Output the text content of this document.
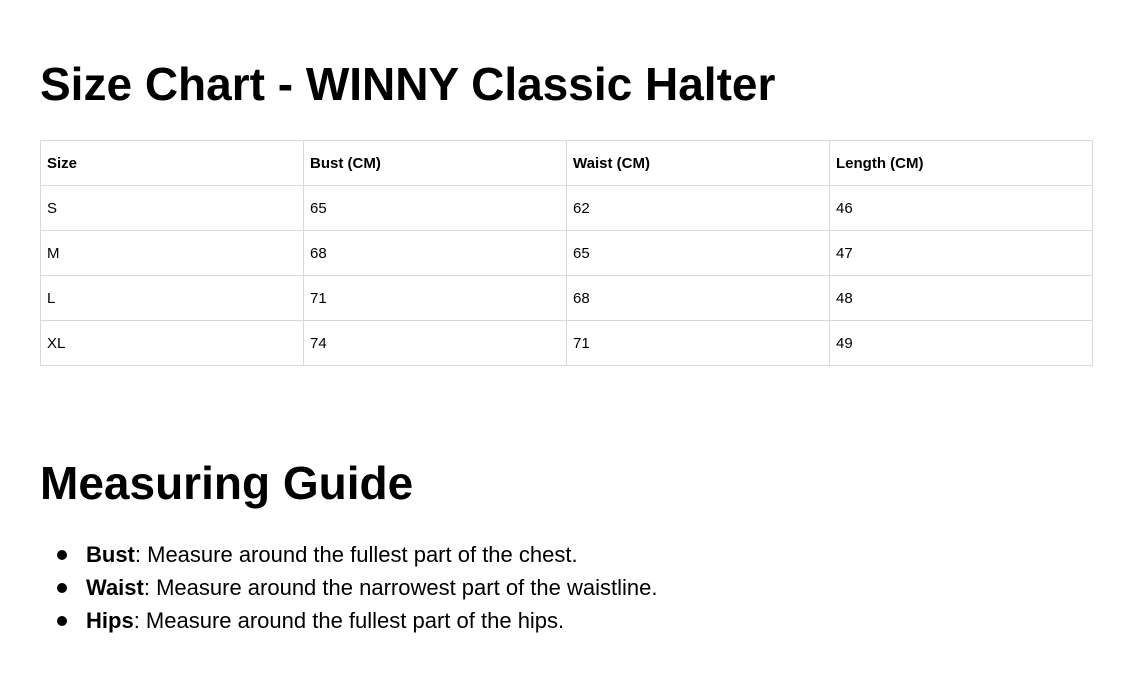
Size Chart - WINNY Classic Halter
Size	Bust (CM)	Waist (CM)	Length (CM)
S	65	62	46
M	68	65	47
L	71	68	48
XL	74	71	49
Measuring Guide
Bust: Measure around the fullest part of the chest.
Waist: Measure around the narrowest part of the waistline.
Hips: Measure around the fullest part of the hips.
